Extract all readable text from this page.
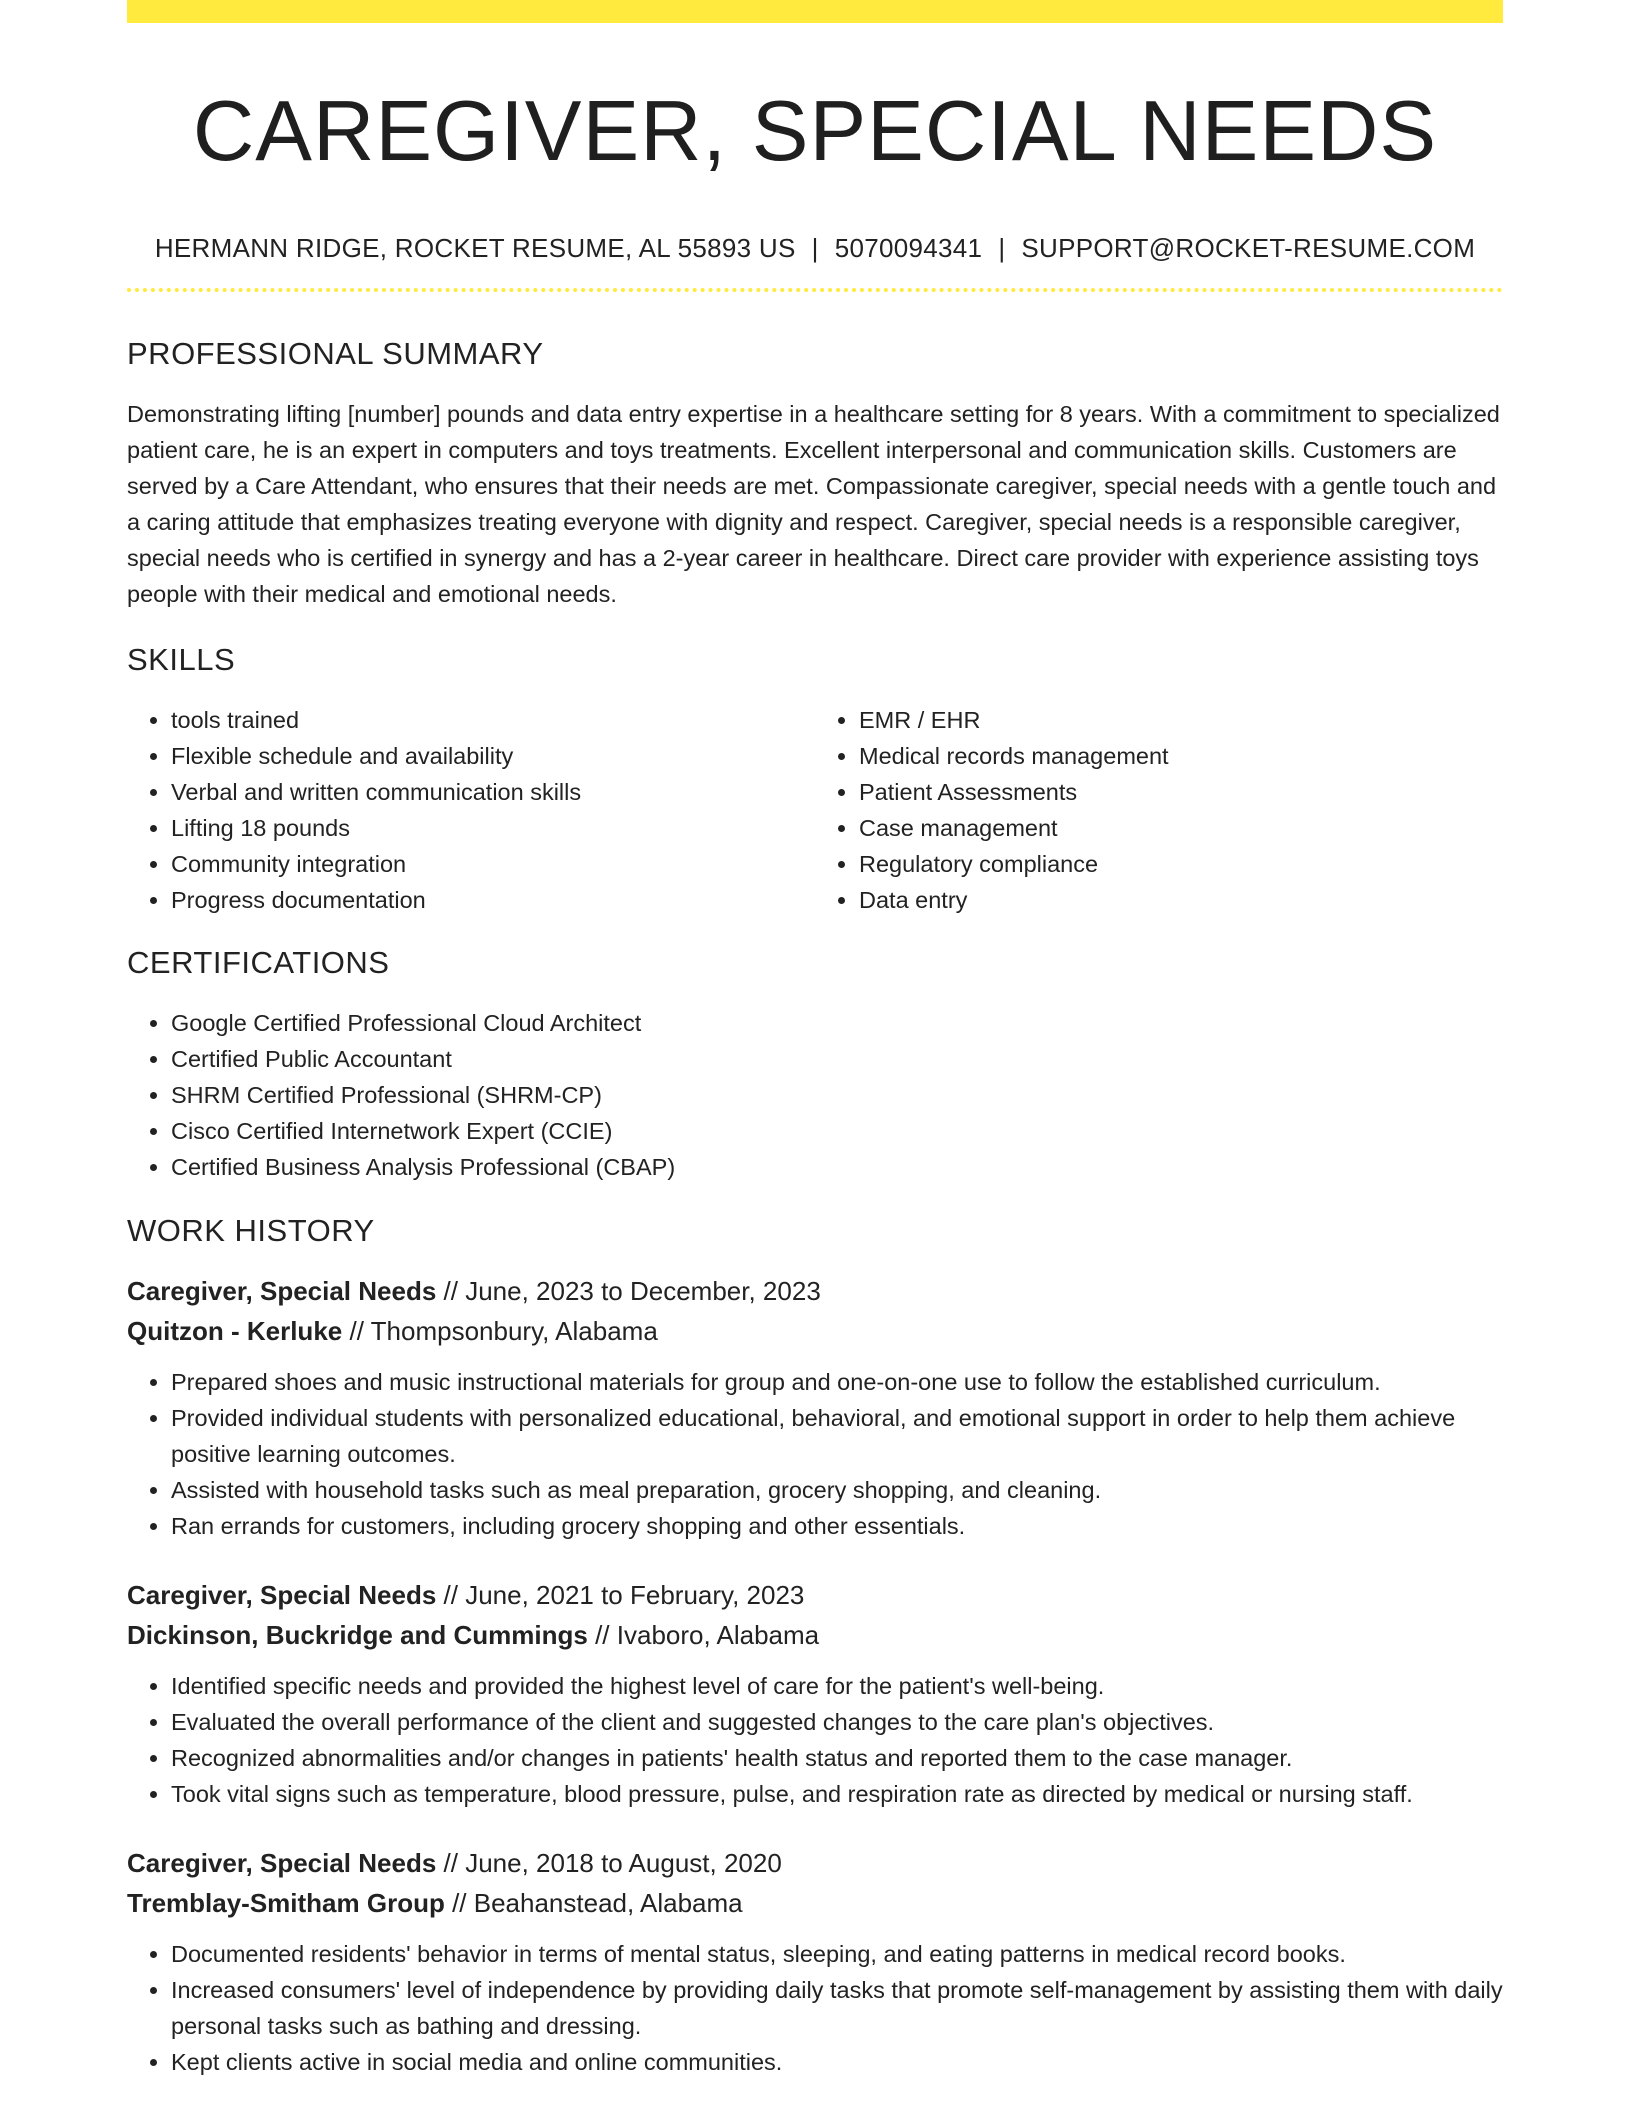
CAREGIVER, SPECIAL NEEDS
HERMANN RIDGE, ROCKET RESUME, AL 55893 US | 5070094341 | SUPPORT@ROCKET-RESUME.COM
PROFESSIONAL SUMMARY

Demonstrating lifting [number] pounds and data entry expertise in a healthcare setting for 8 years. With a commitment to specialized patient care, he is an expert in computers and toys treatments. Excellent interpersonal and communication skills. Customers are served by a Care Attendant, who ensures that their needs are met. Compassionate caregiver, special needs with a gentle touch and a caring attitude that emphasizes treating everyone with dignity and respect. Caregiver, special needs is a responsible caregiver, special needs who is certified in synergy and has a 2-year career in healthcare. Direct care provider with experience assisting toys people with their medical and emotional needs.

SKILLS
• tools trained
• Flexible schedule and availability
• Verbal and written communication skills
• Lifting 18 pounds
• Community integration
• Progress documentation
• EMR / EHR
• Medical records management
• Patient Assessments
• Case management
• Regulatory compliance
• Data entry
CERTIFICATIONS
• Google Certified Professional Cloud Architect
• Certified Public Accountant
• SHRM Certified Professional (SHRM-CP)
• Cisco Certified Internetwork Expert (CCIE)
• Certified Business Analysis Professional (CBAP)
WORK HISTORY
Caregiver, Special Needs // June, 2023 to December, 2023
Quitzon - Kerluke // Thompsonbury, Alabama
• Prepared shoes and music instructional materials for group and one-on-one use to follow the established curriculum.
• Provided individual students with personalized educational, behavioral, and emotional support in order to help them achieve positive learning outcomes.
• Assisted with household tasks such as meal preparation, grocery shopping, and cleaning.
• Ran errands for customers, including grocery shopping and other essentials.
Caregiver, Special Needs // June, 2021 to February, 2023
Dickinson, Buckridge and Cummings // Ivaboro, Alabama
• Identified specific needs and provided the highest level of care for the patient's well-being.
• Evaluated the overall performance of the client and suggested changes to the care plan's objectives.
• Recognized abnormalities and/or changes in patients' health status and reported them to the case manager.
• Took vital signs such as temperature, blood pressure, pulse, and respiration rate as directed by medical or nursing staff.
Caregiver, Special Needs // June, 2018 to August, 2020
Tremblay-Smitham Group // Beahanstead, Alabama
• Documented residents' behavior in terms of mental status, sleeping, and eating patterns in medical record books.
• Increased consumers' level of independence by providing daily tasks that promote self-management by assisting them with daily personal tasks such as bathing and dressing.
• Kept clients active in social media and online communities.
